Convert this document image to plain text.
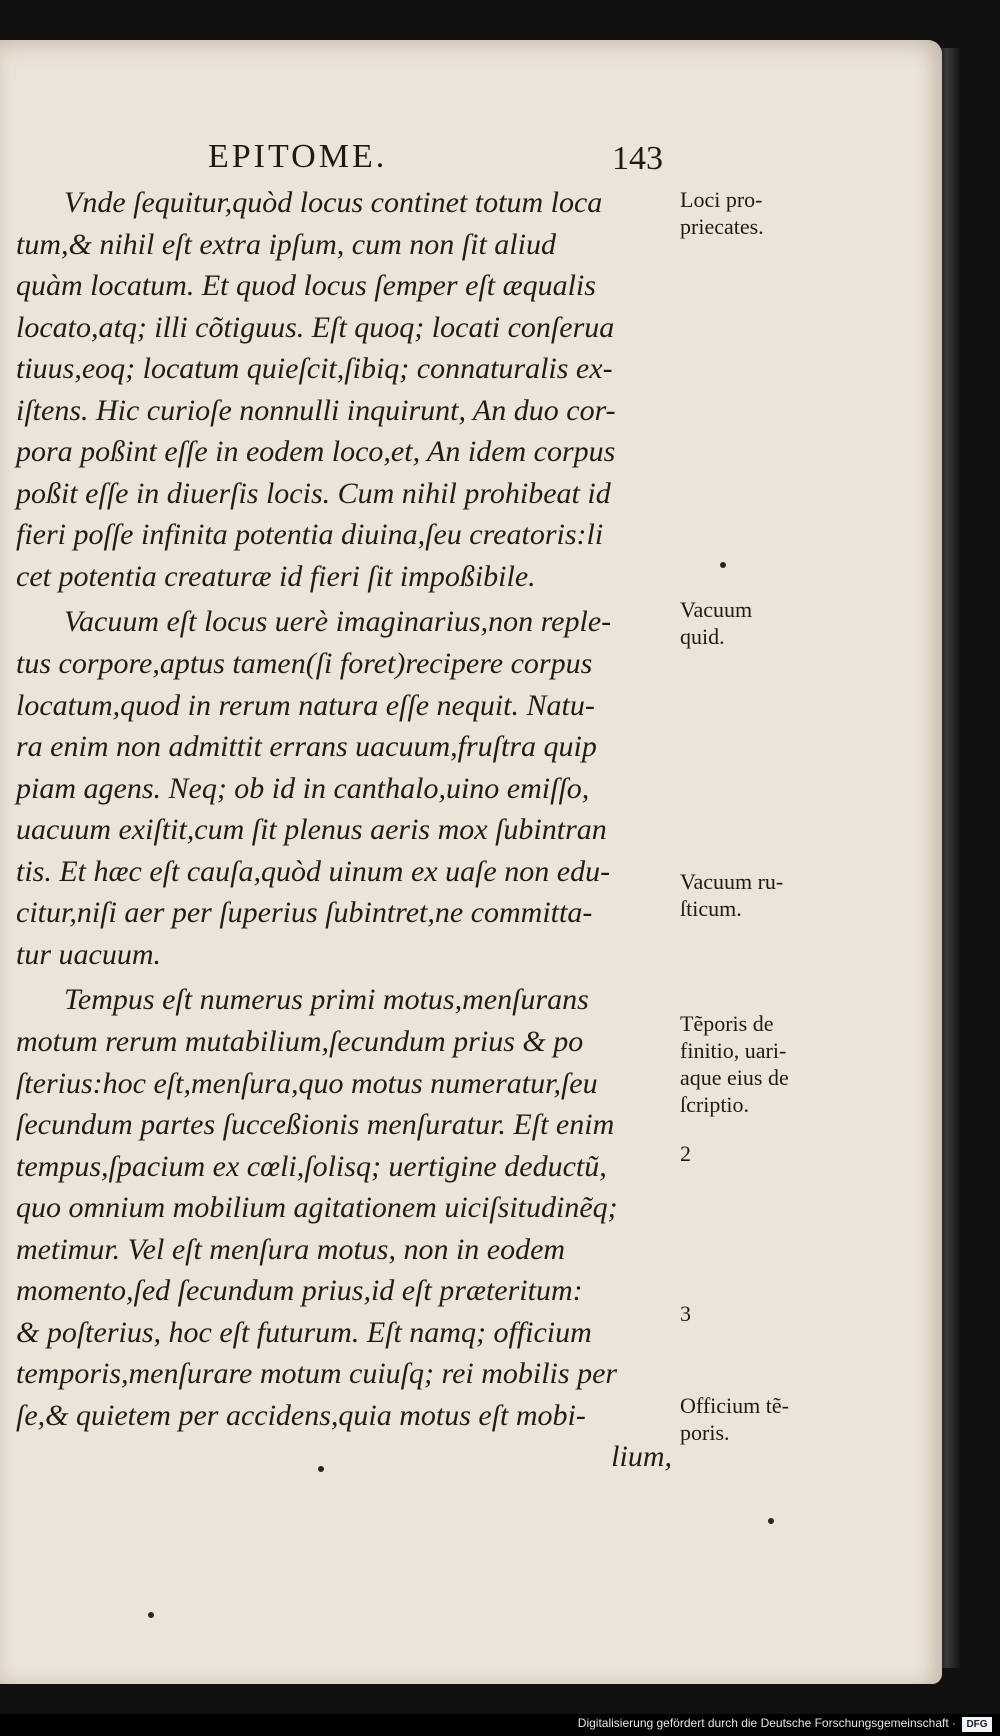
EPITOME.	143
Vnde ſequitur,quòd locus continet totum loca
tum,& nihil eſt extra ipſum, cum non ſit aliud
quàm locatum. Et quod locus ſemper eſt æqualis
locato,atq; illi cõtiguus. Eſt quoq; locati conſerua
tiuus,eoq; locatum quieſcit,ſibiq; connaturalis ex-
iſtens. Hic curioſe nonnulli inquirunt, An duo cor-
pora poßint eſſe in eodem loco,et, An idem corpus
poßit eſſe in diuerſis locis. Cum nihil prohibeat id
fieri poſſe infinita potentia diuina,ſeu creatoris:li
cet potentia creaturæ id fieri ſit impoßibile.
Vacuum eſt locus uerè imaginarius,non reple-
tus corpore,aptus tamen(ſi foret)recipere corpus
locatum,quod in rerum natura eſſe nequit. Natu-
ra enim non admittit errans uacuum,fruſtra quip
piam agens. Neq; ob id in canthalo,uino emiſſo,
uacuum exiſtit,cum ſit plenus aeris mox ſubintran
tis. Et hæc eſt cauſa,quòd uinum ex uaſe non edu-
citur,niſi aer per ſuperius ſubintret,ne committa-
tur uacuum.
Tempus eſt numerus primi motus,menſurans
motum rerum mutabilium,ſecundum prius & po
ſterius:hoc eſt,menſura,quo motus numeratur,ſeu
ſecundum partes ſucceßionis menſuratur. Eſt enim
tempus,ſpacium ex cœli,ſolisq; uertigine deductũ,
quo omnium mobilium agitationem uiciſsitudinẽq;
metimur. Vel eſt menſura motus, non in eodem
momento,ſed ſecundum prius,id eſt præteritum:
& poſterius, hoc eſt futurum. Eſt namq; officium
temporis,menſurare motum cuiuſq; rei mobilis per
ſe,& quietem per accidens,quia motus eſt mobi-
lium,
Loci pro-
priecates.
Vacuum
quid.
Vacuum ru-
ſticum.
Tẽporis de
finitio, uari-
aque eius de
ſcriptio.
2
3
Officium tẽ-
poris.
Digitalisierung gefördert durch die Deutsche Forschungsgemeinschaft ·	DFG
